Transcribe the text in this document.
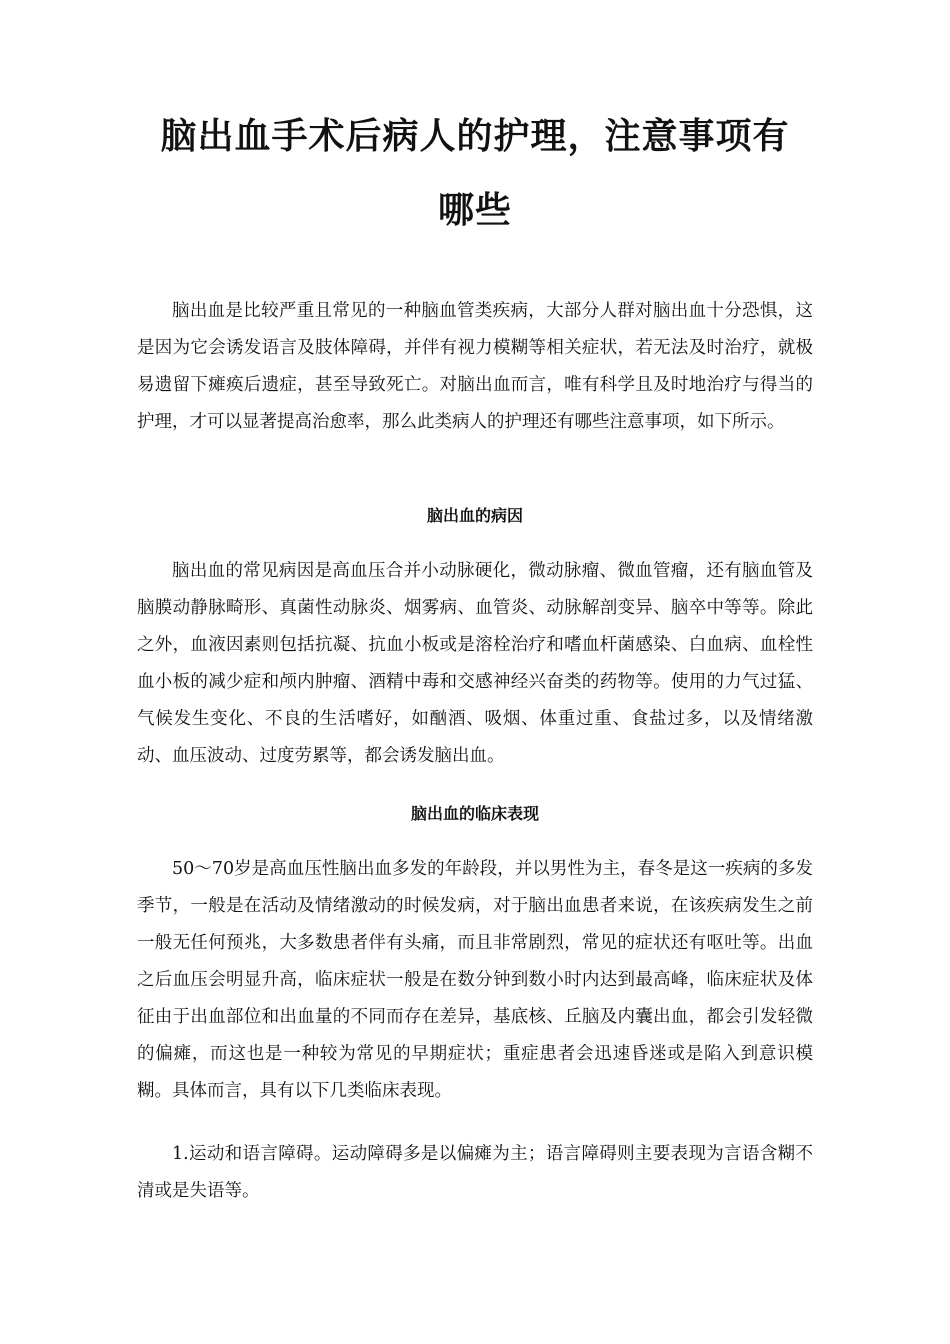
脑出血手术后病人的护理，注意事项有
哪些

脑出血是比较严重且常见的一种脑血管类疾病，大部分人群对脑出血十分恐惧，这是因为它会诱发语言及肢体障碍，并伴有视力模糊等相关症状，若无法及时治疗，就极易遗留下瘫痪后遗症，甚至导致死亡。对脑出血而言，唯有科学且及时地治疗与得当的护理，才可以显著提高治愈率，那么此类病人的护理还有哪些注意事项，如下所示。

脑出血的病因

脑出血的常见病因是高血压合并小动脉硬化，微动脉瘤、微血管瘤，还有脑血管及脑膜动静脉畸形、真菌性动脉炎、烟雾病、血管炎、动脉解剖变异、脑卒中等等。除此之外，血液因素则包括抗凝、抗血小板或是溶栓治疗和嗜血杆菌感染、白血病、血栓性血小板的减少症和颅内肿瘤、酒精中毒和交感神经兴奋类的药物等。使用的力气过猛、气候发生变化、不良的生活嗜好，如酗酒、吸烟、体重过重、食盐过多，以及情绪激动、血压波动、过度劳累等，都会诱发脑出血。

脑出血的临床表现

50～70岁是高血压性脑出血多发的年龄段，并以男性为主，春冬是这一疾病的多发季节，一般是在活动及情绪激动的时候发病，对于脑出血患者来说，在该疾病发生之前一般无任何预兆，大多数患者伴有头痛，而且非常剧烈，常见的症状还有呕吐等。出血之后血压会明显升高，临床症状一般是在数分钟到数小时内达到最高峰，临床症状及体征由于出血部位和出血量的不同而存在差异，基底核、丘脑及内囊出血，都会引发轻微的偏瘫，而这也是一种较为常见的早期症状；重症患者会迅速昏迷或是陷入到意识模糊。具体而言，具有以下几类临床表现。

1.运动和语言障碍。运动障碍多是以偏瘫为主；语言障碍则主要表现为言语含糊不清或是失语等。
